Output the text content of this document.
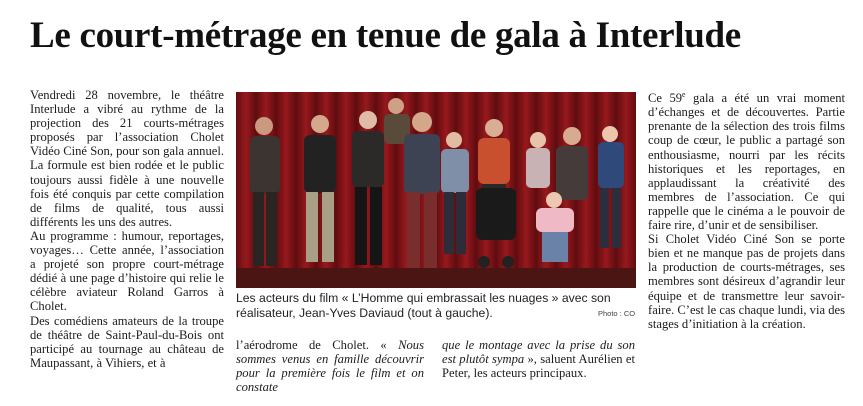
Le court-métrage en tenue de gala à Interlude

Vendredi 28 novembre, le théâtre Interlude a vibré au rythme de la projection des 21 courts-métrages proposés par l’association Cholet Vidéo Ciné Son, pour son gala annuel. La formule est bien rodée et le public toujours aussi fidèle à une nouvelle fois été conquis par cette compilation de films de qualité, tous aussi différents les uns des autres.

Au programme : humour, reportages, voyages… Cette année, l’association a projeté son propre court-métrage dédié à une page d’histoire qui relie le célèbre aviateur Roland Garros à Cholet.

Des comédiens amateurs de la troupe de théâtre de Saint-Paul-du-Bois ont participé au tournage au château de Maupassant, à Vihiers, et à

Les acteurs du film « L’Homme qui embrassait les nuages » avec son réalisateur, Jean-Yves Daviaud (tout à gauche).	Photo : CO

l’aérodrome de Cholet. « Nous sommes venus en famille découvrir pour la première fois le film et on constate

que le montage avec la prise du son est plutôt sympa », saluent Aurélien et Peter, les acteurs principaux.

Ce 59e gala a été un vrai moment d’échanges et de découvertes. Partie prenante de la sélection des trois films coup de cœur, le public a partagé son enthousiasme, nourri par les récits historiques et les reportages, en applaudissant la créativité des membres de l’association. Ce qui rappelle que le cinéma a le pouvoir de faire rire, d’unir et de sensibiliser.

Si Cholet Vidéo Ciné Son se porte bien et ne manque pas de projets dans la production de courts-métrages, ses membres sont désireux d’agrandir leur équipe et de transmettre leur savoir-faire. C’est le cas chaque lundi, via des stages d’initiation à la création.
